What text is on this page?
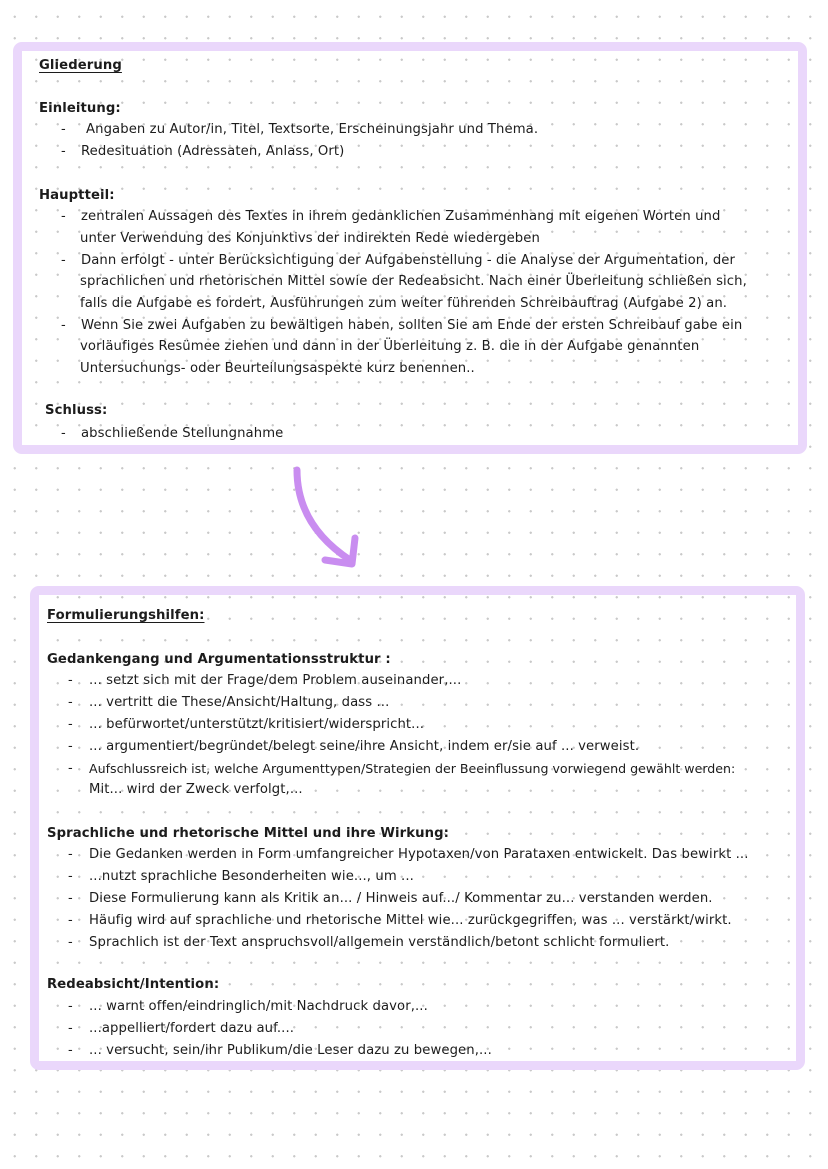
Gliederung
Einleitung:
- Angaben zu Autor/in, Titel, Textsorte, Erscheinungsjahr und Thema.
- Redesituation (Adressaten, Anlass, Ort)
Hauptteil:
- zentralen Aussagen des Textes in ihrem gedanklichen Zusammenhang mit eigenen Worten und
unter Verwendung des Konjunktivs der indirekten Rede wiedergeben
- Dann erfolgt - unter Berücksichtigung der Aufgabenstellung - die Analyse der Argumentation, der
sprachlichen und rhetorischen Mittel sowie der Redeabsicht. Nach einer Überleitung schließen sich,
falls die Aufgabe es fordert, Ausführungen zum weiter führenden Schreibauftrag (Aufgabe 2) an.
- Wenn Sie zwei Aufgaben zu bewältigen haben, sollten Sie am Ende der ersten Schreibauf gabe ein
vorläufiges Resümee ziehen und dann in der Überleitung z. B. die in der Aufgabe genannten
Untersuchungs- oder Beurteilungsaspekte kurz benennen..
Schluss:
- abschließende Stellungnahme
Formulierungshilfen:
Gedankengang und Argumentationsstruktur :
- ... setzt sich mit der Frage/dem Problem auseinander,...
- ... vertritt die These/Ansicht/Haltung, dass ...
- ... befürwortet/unterstützt/kritisiert/widerspricht...
- ... argumentiert/begründet/belegt seine/ihre Ansicht, indem er/sie auf ... verweist.
- Aufschlussreich ist, welche Argumenttypen/Strategien der Beeinflussung vorwiegend gewählt werden:
Mit... wird der Zweck verfolgt,...
Sprachliche und rhetorische Mittel und ihre Wirkung:
- Die Gedanken werden in Form umfangreicher Hypotaxen/von Parataxen entwickelt. Das bewirkt ...
- ...nutzt sprachliche Besonderheiten wie..., um ...
- Diese Formulierung kann als Kritik an... / Hinweis auf.../ Kommentar zu... verstanden werden.
- Häufig wird auf sprachliche und rhetorische Mittel wie... zurückgegriffen, was ... verstärkt/wirkt.
- Sprachlich ist der Text anspruchsvoll/allgemein verständlich/betont schlicht formuliert.
Redeabsicht/Intention:
- ... warnt offen/eindringlich/mit Nachdruck davor,...
- ...appelliert/fordert dazu auf....
- ... versucht, sein/ihr Publikum/die Leser dazu zu bewegen,...
